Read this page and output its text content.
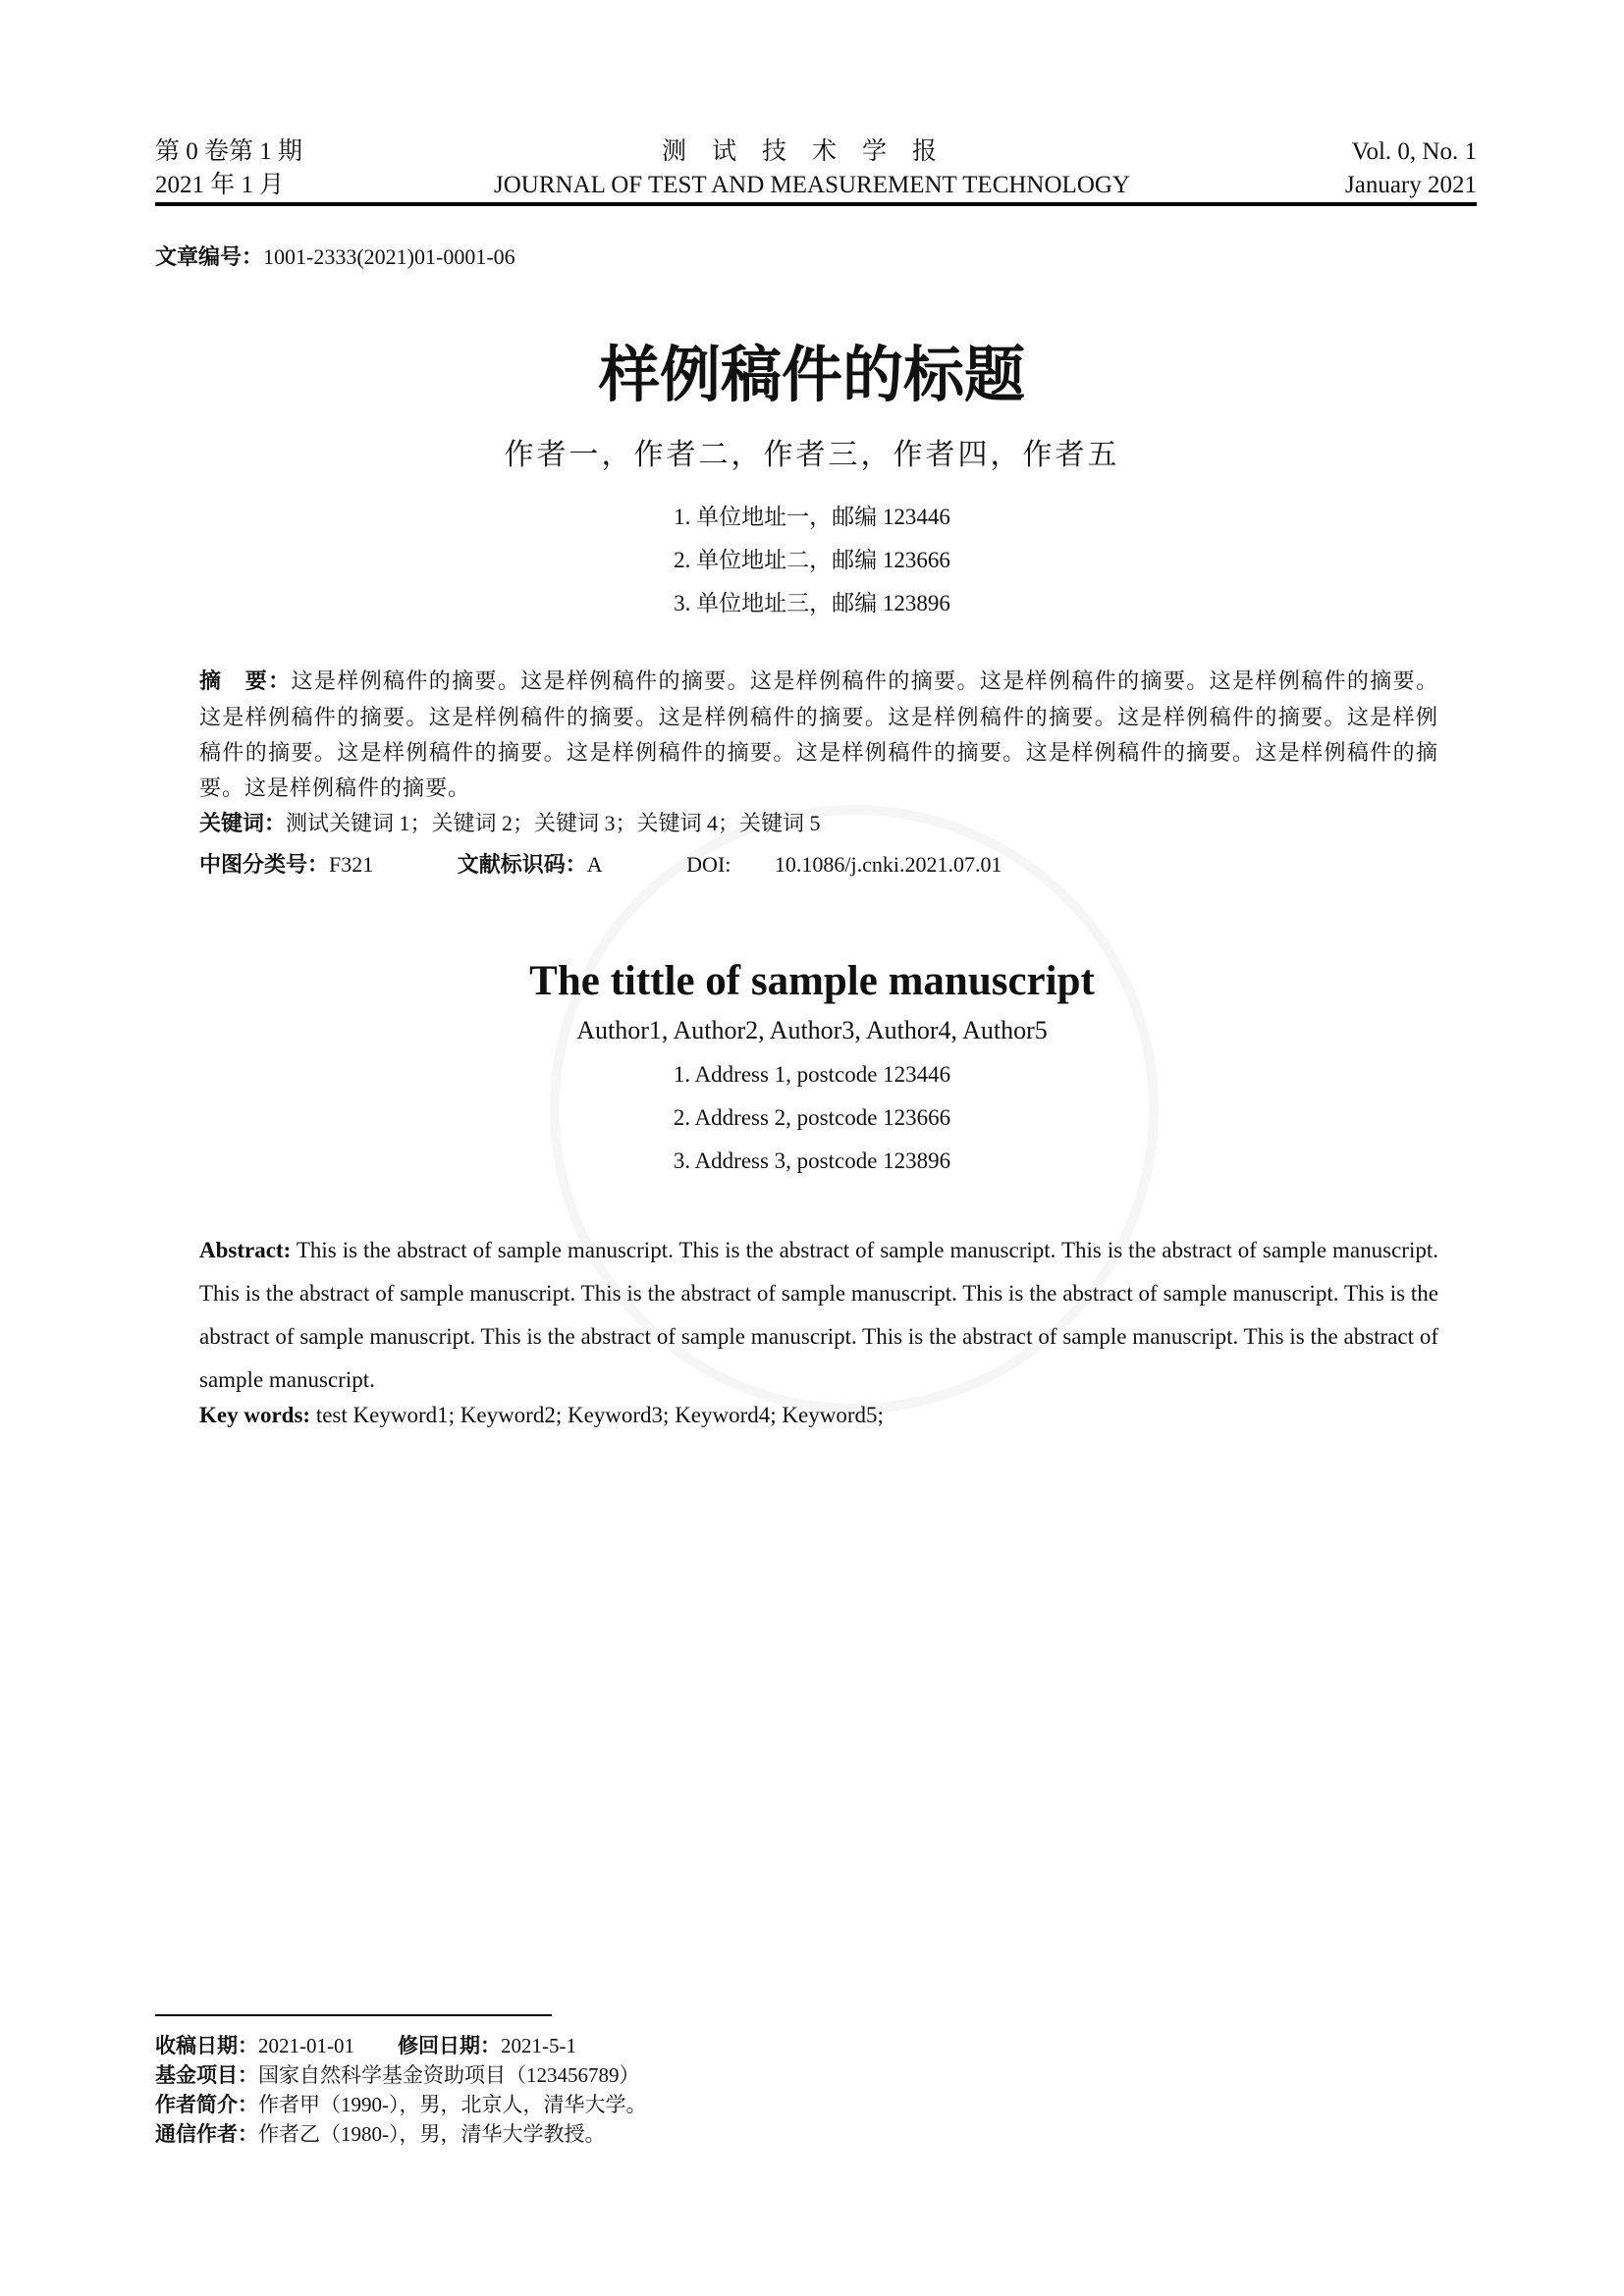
第 0 卷第 1 期
2021 年 1 月
测试技术学报
JOURNAL OF TEST AND MEASUREMENT TECHNOLOGY
Vol. 0, No. 1
January 2021
文章编号：1001-2333(2021)01-0001-06
样例稿件的标题
作者一，作者二，作者三，作者四，作者五
1. 单位地址一，邮编 123446
2. 单位地址二，邮编 123666
3. 单位地址三，邮编 123896
摘　要：这是样例稿件的摘要。这是样例稿件的摘要。这是样例稿件的摘要。这是样例稿件的摘要。这是样例稿件的摘要。这是样例稿件的摘要。这是样例稿件的摘要。这是样例稿件的摘要。这是样例稿件的摘要。这是样例稿件的摘要。这是样例稿件的摘要。这是样例稿件的摘要。这是样例稿件的摘要。这是样例稿件的摘要。这是样例稿件的摘要。这是样例稿件的摘要。这是样例稿件的摘要。
关键词：测试关键词 1；关键词 2；关键词 3；关键词 4；关键词 5
中图分类号：F321	文献标识码：A	DOI: 10.1086/j.cnki.2021.07.01
The tittle of sample manuscript
Author1, Author2, Author3, Author4, Author5
1. Address 1, postcode 123446
2. Address 2, postcode 123666
3. Address 3, postcode 123896
Abstract: This is the abstract of sample manuscript. This is the abstract of sample manuscript. This is the abstract of sample manuscript. This is the abstract of sample manuscript. This is the abstract of sample manuscript. This is the abstract of sample manuscript. This is the abstract of sample manuscript. This is the abstract of sample manuscript. This is the abstract of sample manuscript. This is the abstract of sample manuscript.
Key words: test Keyword1; Keyword2; Keyword3; Keyword4; Keyword5;
收稿日期：2021-01-01 修回日期：2021-5-1
基金项目：国家自然科学基金资助项目（123456789）
作者简介：作者甲（1990-），男，北京人，清华大学。
通信作者：作者乙（1980-），男，清华大学教授。
